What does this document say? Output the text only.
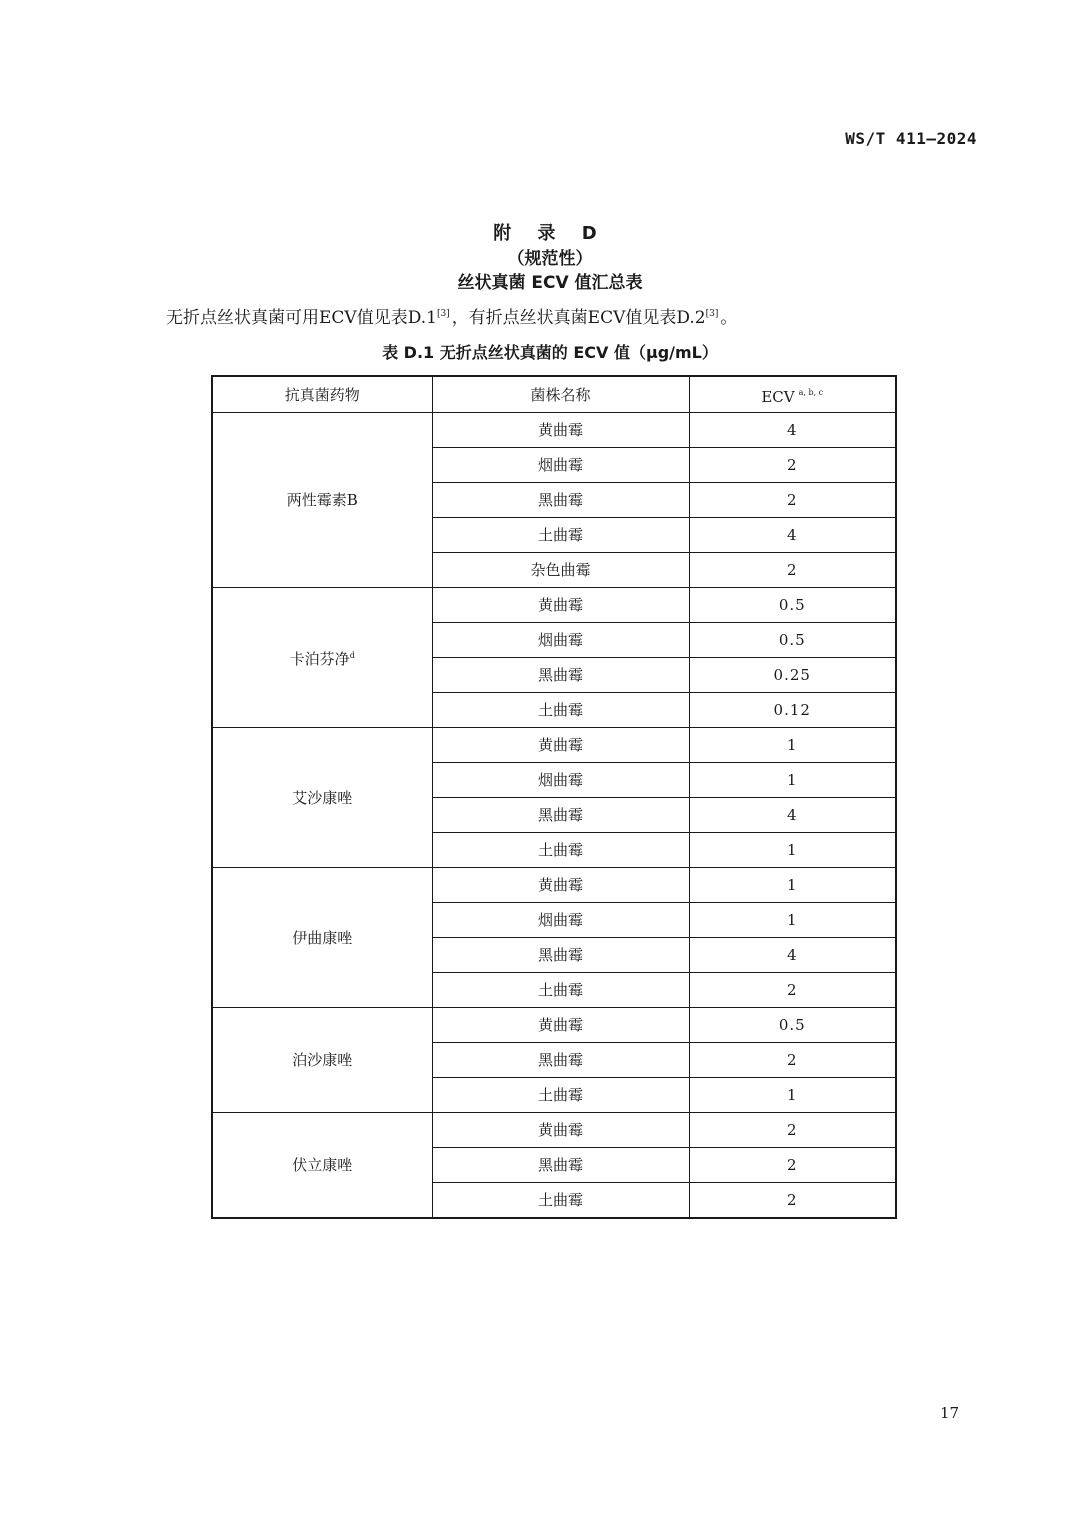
WS/T 411—2024
附 录 D
（规范性）
丝状真菌 ECV 值汇总表
无折点丝状真菌可用ECV值见表D.1[3] ，有折点丝状真菌ECV值见表D.2[3] 。
表 D.1 无折点丝状真菌的 ECV 值（μg/mL）
抗真菌药物	菌株名称	ECV $^{a, b, c}$
两性霉素B	黄曲霉	4
	烟曲霉	2
	黑曲霉	2
	土曲霉	4
	杂色曲霉	2
卡泊芬净$^d$	黄曲霉	0.5
	烟曲霉	0.5
	黑曲霉	0.25
	土曲霉	0.12
艾沙康唑	黄曲霉	1
	烟曲霉	1
	黑曲霉	4
	土曲霉	1
伊曲康唑	黄曲霉	1
	烟曲霉	1
	黑曲霉	4
	土曲霉	2
泊沙康唑	黄曲霉	0.5
	黑曲霉	2
	土曲霉	1
伏立康唑	黄曲霉	2
	黑曲霉	2
	土曲霉	2
17
